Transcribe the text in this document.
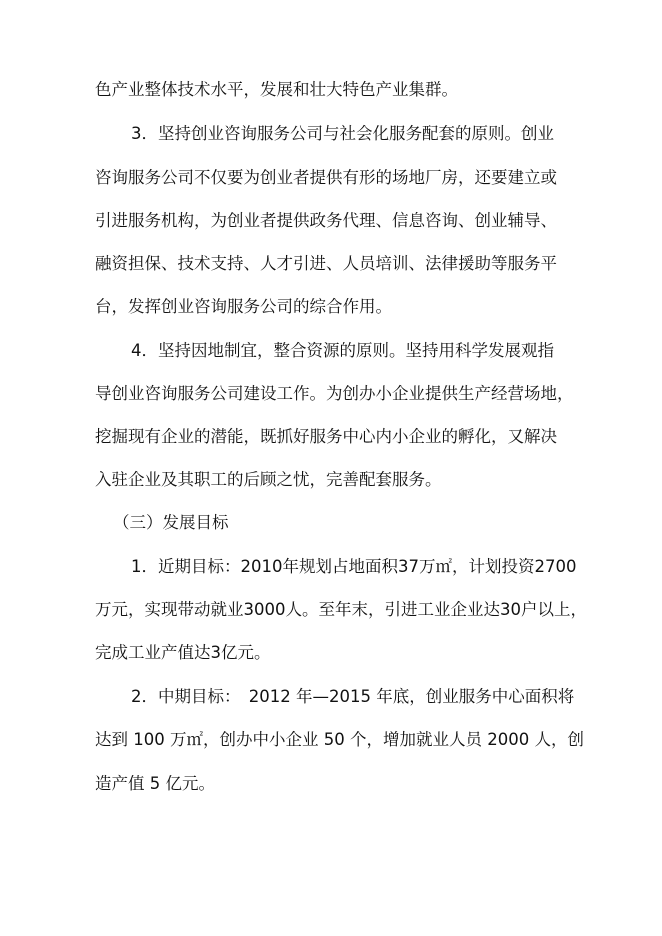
色产业整体技术水平，发展和壮大特色产业集群。
3．坚持创业咨询服务公司与社会化服务配套的原则。创业
咨询服务公司不仅要为创业者提供有形的场地厂房，还要建立或
引进服务机构，为创业者提供政务代理、信息咨询、创业辅导、
融资担保、技术支持、人才引进、人员培训、法律援助等服务平
台，发挥创业咨询服务公司的综合作用。
4．坚持因地制宜，整合资源的原则。坚持用科学发展观指
导创业咨询服务公司建设工作。为创办小企业提供生产经营场地，
挖掘现有企业的潜能，既抓好服务中心内小企业的孵化，又解决
入驻企业及其职工的后顾之忧，完善配套服务。
（三）发展目标
1．近期目标：2010年规划占地面积37万㎡，计划投资2700
万元，实现带动就业3000人。至年末，引进工业企业达30户以上，
完成工业产值达3亿元。
2．中期目标：　2012 年—2015 年底，创业服务中心面积将
达到 100 万㎡，创办中小企业 50 个，增加就业人员 2000 人，创
造产值 5 亿元。
